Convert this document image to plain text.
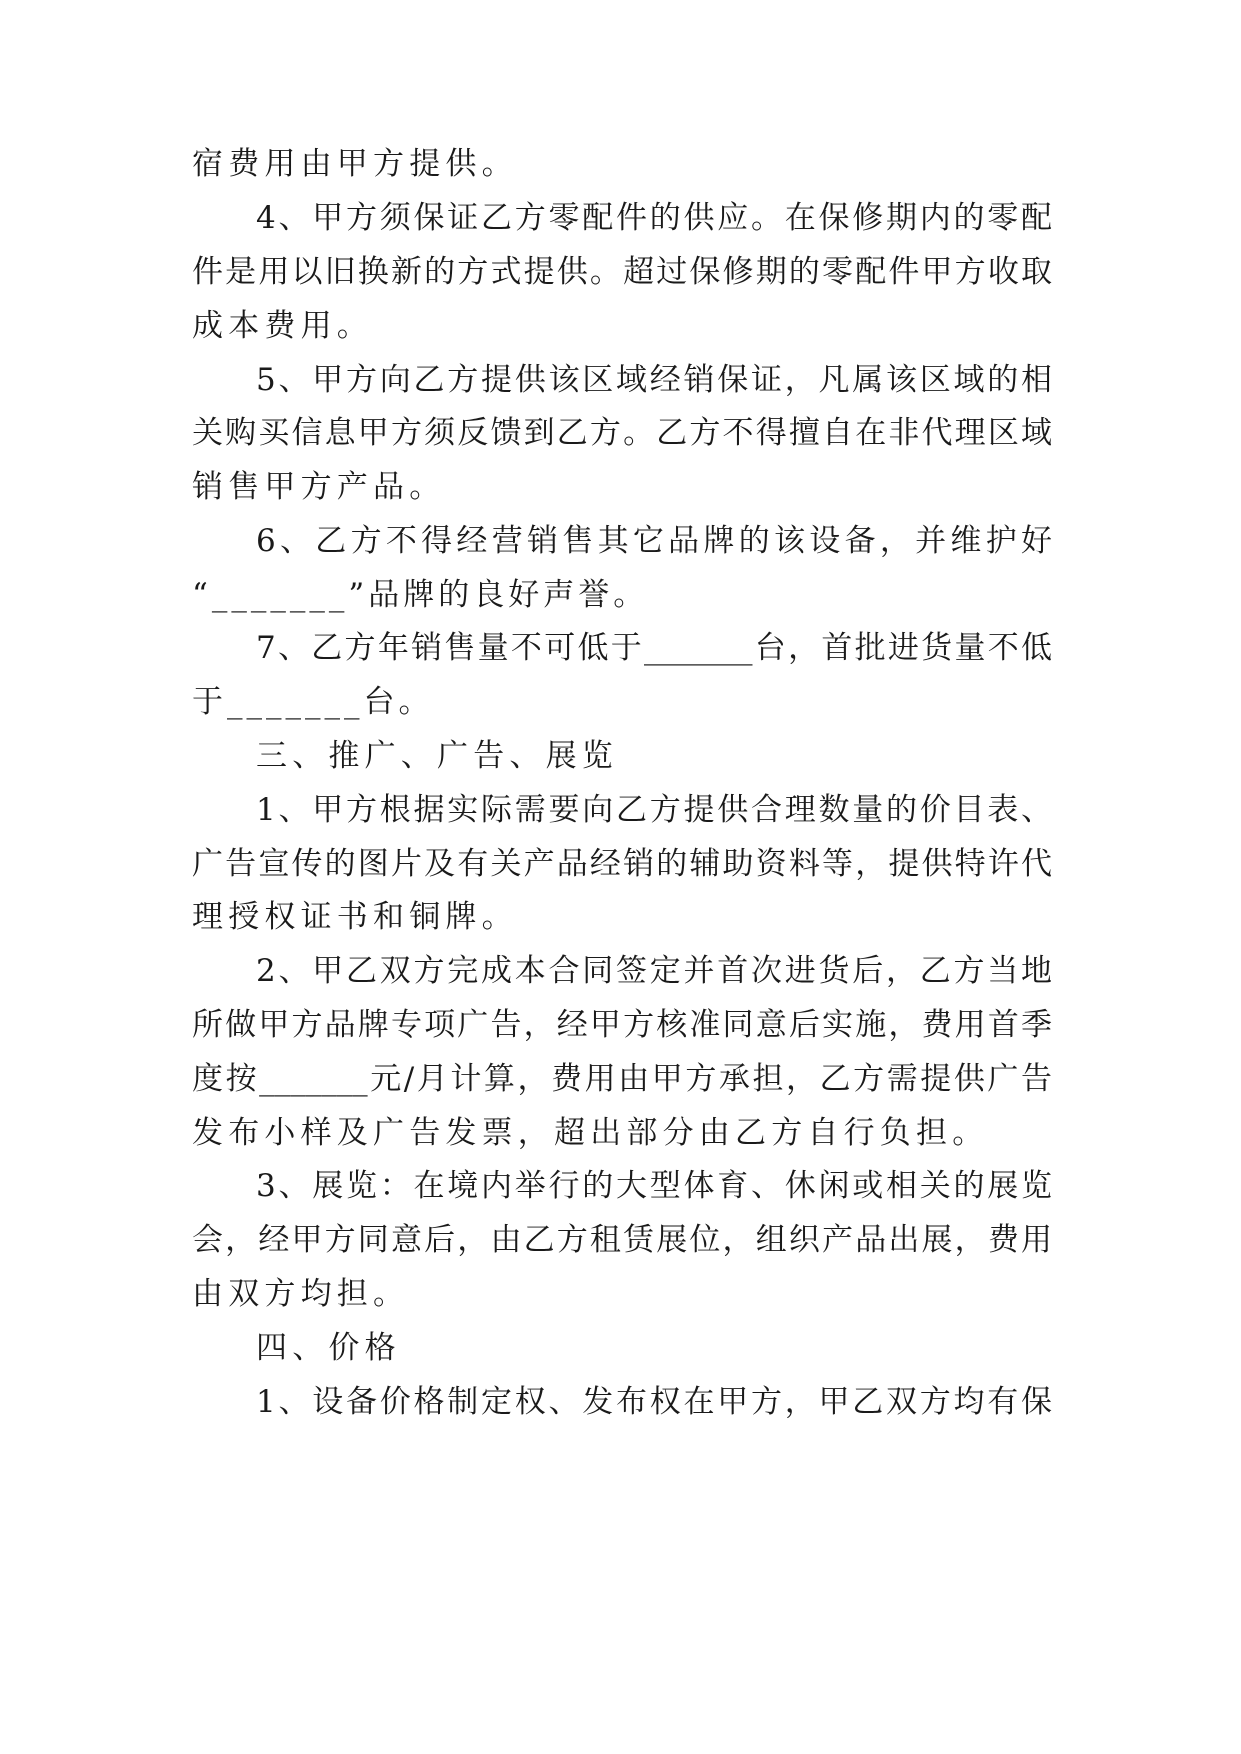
宿费用由甲方提供。
4、甲方须保证乙方零配件的供应。在保修期内的零配
件是用以旧换新的方式提供。超过保修期的零配件甲方收取
成本费用。
5、甲方向乙方提供该区域经销保证，凡属该区域的相
关购买信息甲方须反馈到乙方。乙方不得擅自在非代理区域
销售甲方产品。
6、乙方不得经营销售其它品牌的该设备，并维护好
“_______”品牌的良好声誉。
7、乙方年销售量不可低于_______台，首批进货量不低
于_______台。
三、推广、广告、展览
1、甲方根据实际需要向乙方提供合理数量的价目表、
广告宣传的图片及有关产品经销的辅助资料等，提供特许代
理授权证书和铜牌。
2、甲乙双方完成本合同签定并首次进货后，乙方当地
所做甲方品牌专项广告，经甲方核准同意后实施，费用首季
度按_______元/月计算，费用由甲方承担，乙方需提供广告
发布小样及广告发票，超出部分由乙方自行负担。
3、展览：在境内举行的大型体育、休闲或相关的展览
会，经甲方同意后，由乙方租赁展位，组织产品出展，费用
由双方均担。
四、价格
1、设备价格制定权、发布权在甲方，甲乙双方均有保
